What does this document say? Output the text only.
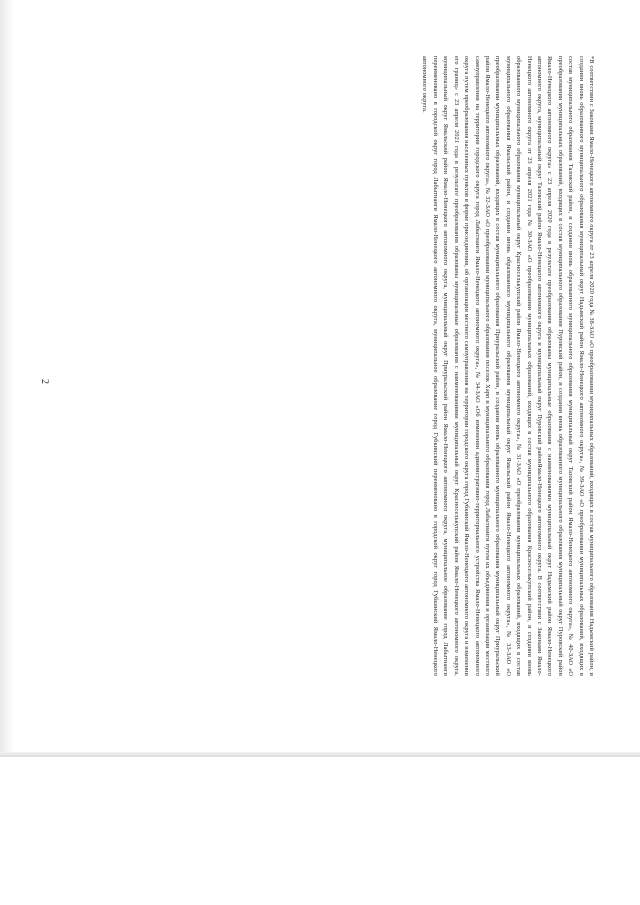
2	*В соответствии с Законами Ямало-Ненецкого автономного округа от 23 апреля 2020 года № 38-ЗАО «О преобразовании муниципальных образований, входящих в состав муниципального образования Надымский район, и создании вновь образованного муниципального образования муниципальный округ Надымский район Ямало-Ненецкого автономного округа», № 39-ЗАО «О преобразовании муниципальных образований, входящих в состав муниципального образования Тазовский район, и создании вновь образованного муниципального образования муниципальный округ Тазовский район Ямало-Ненецкого автономного округа», № 40-ЗАО «О преобразовании муниципальных образований, входящих в состав муниципального образования Пуровский район, и создании вновь образованного муниципального образования муниципальный округ Пуровский район Ямало-Ненецкого автономного округа» с 23 апреля 2020 года в результате преобразования образованы муниципальные образования с наименованиями муниципальный округ Надымский район Ямало-Ненецкого автономного округа, муниципальный округ Тазовский район Ямало-Ненецкого автономного округа и муниципальный округ Пуровский районЯмало-Ненецкого автономного округа. В соответствии с Законами Ямало-Ненецкого автономного округа от 23 апреля 2021 года № 30-ЗАО «О преобразовании муниципальных образований, входящих в состав муниципального образования Красноселькупский район, и создании вновь образованного муниципального образования муниципальный округ Красноселькупский район Ямало-Ненецкого автономного округа», № 31-ЗАО «О преобразовании муниципальных образований, входящих в состав муниципального образования Ямальский район, и создании вновь образованного муниципального образования муниципальный округ Ямальский район Ямало-Ненецкого автономного округа», № 33-ЗАО «О преобразовании муниципальных образований, входящих в состав муниципального образования Приуральский район, и создании вновь образованного муниципального образования муниципальный округ Приуральский район Ямало-Ненецкого автономного округа», № 32-ЗАО «О преобразовании муниципального образования поселок Харп и муниципального образования город Лабытнанги путем их объединения и организации местного самоуправления на территории городского округа город Лабытнанги Ямало-Ненецкого автономного округа», № 34-ЗАО «Об изменении административно-территориального устройства Ямало-Ненецкого автономного округа путем преобразования населенных пунктов в форме присоединения, об организации местного самоуправления на территории городского округа город Губкинский Ямало-Ненецкого автономного округа и изменении его границ» с 23 апреля 2021 года в результате преобразования образованы муниципальные образования с наименованиями муниципальный округ Красноселькупский район Ямало-Ненецкого автономного округа, муниципальный округ Ямальский район Ямало-Ненецкого автономного округа, муниципальный округ Приуральский район Ямало-Ненецкого автономного округа, муниципальное образование город Лабытнанги переименовано в городской округ город Лабытнанги Ямало-Ненецкого автономного округа, муниципальное образование город Губкинский переименовано в городской округ город Губкинский Ямало-Ненецкого автономного округа.
